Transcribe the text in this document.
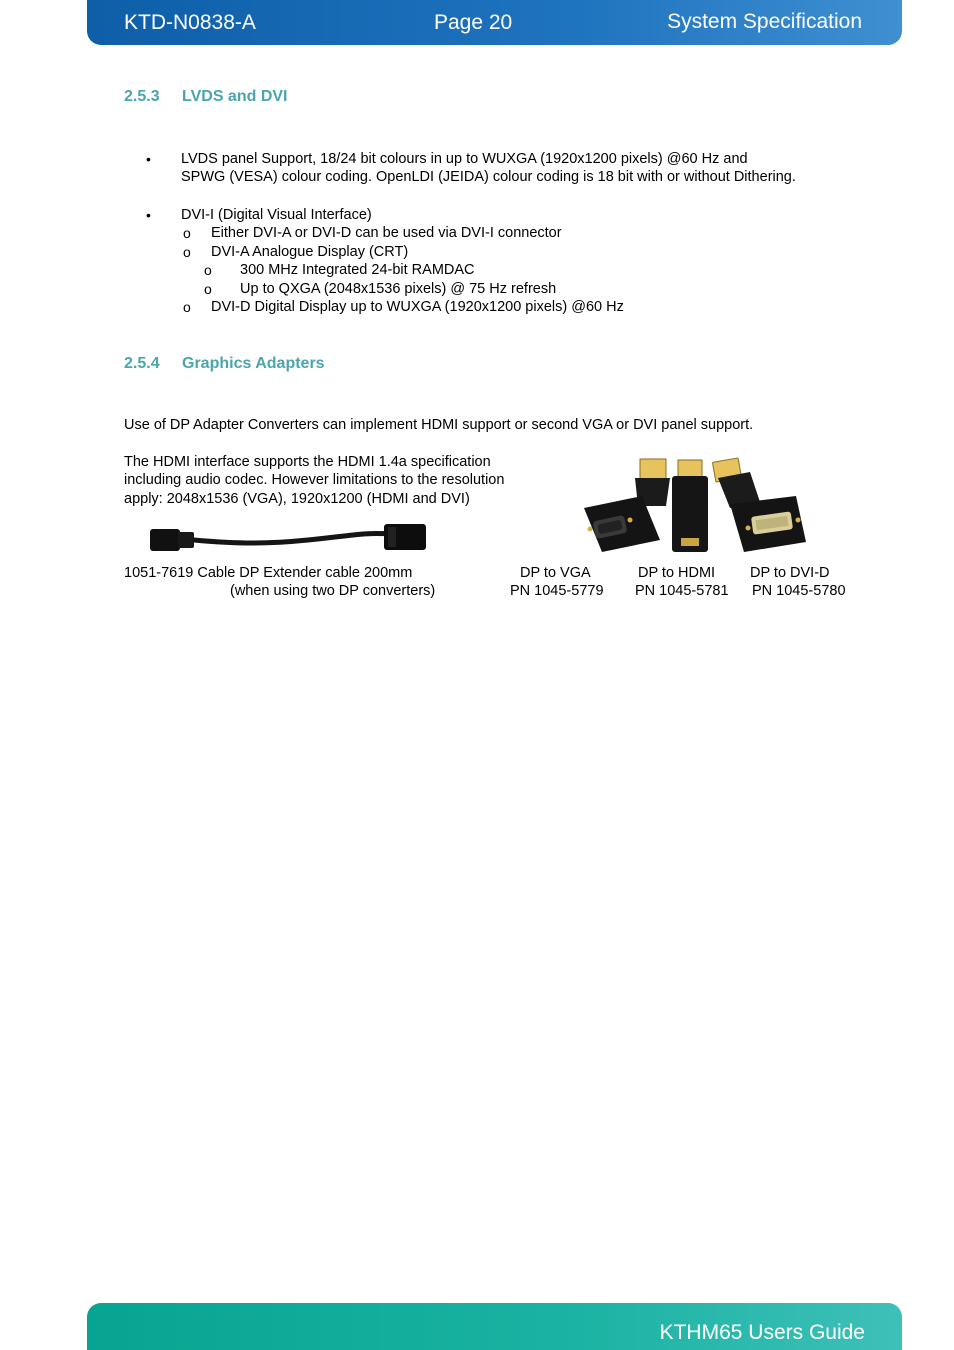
KTD-N0838-A	Page 20	System Specification
2.5.3 LVDS and DVI
• LVDS panel Support, 18/24 bit colours in up to WUXGA (1920x1200 pixels) @60 Hz and

SPWG (VESA) colour coding. OpenLDI (JEIDA) colour coding is 18 bit with or without Dithering.

• DVI-I (Digital Visual Interface)

o Either DVI-A or DVI-D can be used via DVI-I connector

o DVI-A Analogue Display (CRT)

o 300 MHz Integrated 24-bit RAMDAC

o Up to QXGA (2048x1536 pixels) @ 75 Hz refresh

o DVI-D Digital Display up to WUXGA (1920x1200 pixels) @60 Hz

2.5.4 Graphics Adapters

Use of DP Adapter Converters can implement HDMI support or second VGA or DVI panel support.

The HDMI interface supports the HDMI 1.4a specification

including audio codec. However limitations to the resolution

apply: 2048x1536 (VGA), 1920x1200 (HDMI and DVI)

1051-7619 Cable DP Extender cable 200mm

(when using two DP converters)

DP to VGA

PN 1045-5779

DP to HDMI

PN 1045-5781

DP to DVI-D

PN 1045-5780

KTHM65 Users Guide
